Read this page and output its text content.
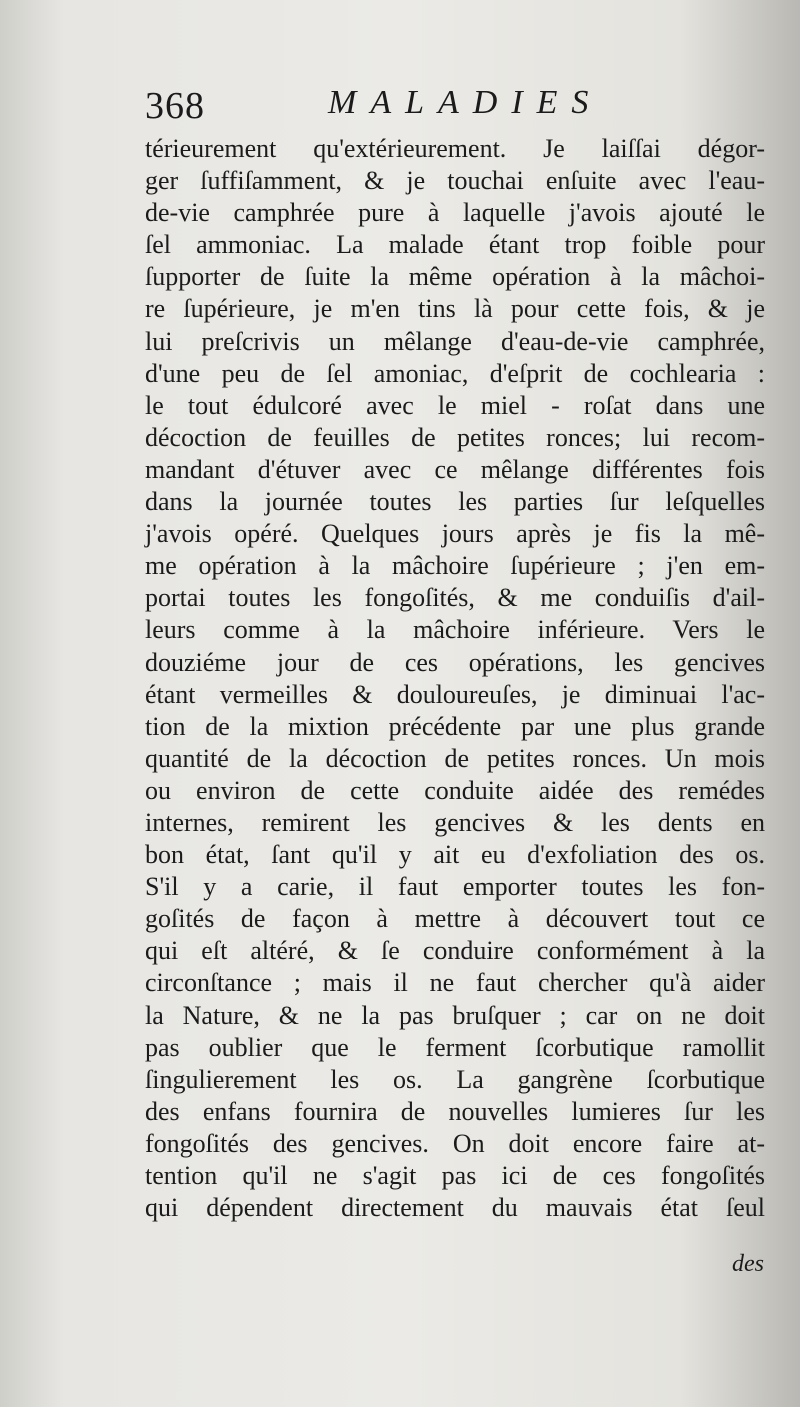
368	MALADIES
térieurement qu'extérieurement. Je laiſſai dégor-
ger ſuffiſamment, & je touchai enſuite avec l'eau-
de-vie camphrée pure à laquelle j'avois ajouté le
ſel ammoniac. La malade étant trop foible pour
ſupporter de ſuite la même opération à la mâchoi-
re ſupérieure, je m'en tins là pour cette fois, & je
lui preſcrivis un mêlange d'eau-de-vie camphrée,
d'une peu de ſel amoniac, d'eſprit de cochlearia :
le tout édulcoré avec le miel - roſat dans une
décoction de feuilles de petites ronces; lui recom-
mandant d'étuver avec ce mêlange différentes fois
dans la journée toutes les parties ſur leſquelles
j'avois opéré. Quelques jours après je fis la mê-
me opération à la mâchoire ſupérieure ; j'en em-
portai toutes les fongoſités, & me conduiſis d'ail-
leurs comme à la mâchoire inférieure. Vers le
douziéme jour de ces opérations, les gencives
étant vermeilles & douloureuſes, je diminuai l'ac-
tion de la mixtion précédente par une plus grande
quantité de la décoction de petites ronces. Un mois
ou environ de cette conduite aidée des remédes
internes, remirent les gencives & les dents en
bon état, ſant qu'il y ait eu d'exfoliation des os.
S'il y a carie, il faut emporter toutes les fon-
goſités de façon à mettre à découvert tout ce
qui eſt altéré, & ſe conduire conformément à la
circonſtance ; mais il ne faut chercher qu'à aider
la Nature, & ne la pas bruſquer ; car on ne doit
pas oublier que le ferment ſcorbutique ramollit
ſingulierement les os. La gangrène ſcorbutique
des enfans fournira de nouvelles lumieres ſur les
fongoſités des gencives. On doit encore faire at-
tention qu'il ne s'agit pas ici de ces fongoſités
qui dépendent directement du mauvais état ſeul
des
